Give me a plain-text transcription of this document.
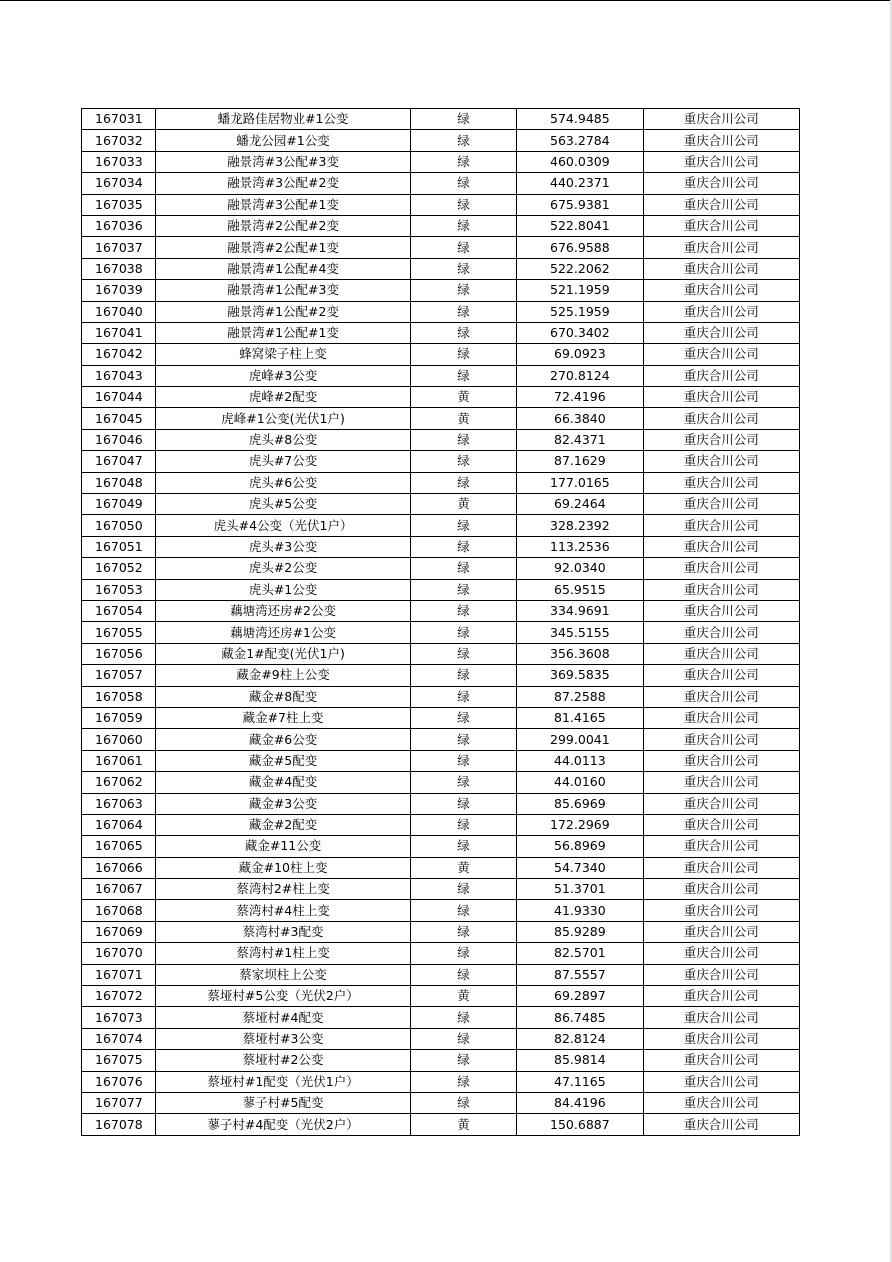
167031	蟠龙路佳居物业#1公变	绿	574.9485	重庆合川公司
167032	蟠龙公园#1公变	绿	563.2784	重庆合川公司
167033	融景湾#3公配#3变	绿	460.0309	重庆合川公司
167034	融景湾#3公配#2变	绿	440.2371	重庆合川公司
167035	融景湾#3公配#1变	绿	675.9381	重庆合川公司
167036	融景湾#2公配#2变	绿	522.8041	重庆合川公司
167037	融景湾#2公配#1变	绿	676.9588	重庆合川公司
167038	融景湾#1公配#4变	绿	522.2062	重庆合川公司
167039	融景湾#1公配#3变	绿	521.1959	重庆合川公司
167040	融景湾#1公配#2变	绿	525.1959	重庆合川公司
167041	融景湾#1公配#1变	绿	670.3402	重庆合川公司
167042	蜂窝梁子柱上变	绿	69.0923	重庆合川公司
167043	虎峰#3公变	绿	270.8124	重庆合川公司
167044	虎峰#2配变	黄	72.4196	重庆合川公司
167045	虎峰#1公变(光伏1户)	黄	66.3840	重庆合川公司
167046	虎头#8公变	绿	82.4371	重庆合川公司
167047	虎头#7公变	绿	87.1629	重庆合川公司
167048	虎头#6公变	绿	177.0165	重庆合川公司
167049	虎头#5公变	黄	69.2464	重庆合川公司
167050	虎头#4公变（光伏1户）	绿	328.2392	重庆合川公司
167051	虎头#3公变	绿	113.2536	重庆合川公司
167052	虎头#2公变	绿	92.0340	重庆合川公司
167053	虎头#1公变	绿	65.9515	重庆合川公司
167054	藕塘湾还房#2公变	绿	334.9691	重庆合川公司
167055	藕塘湾还房#1公变	绿	345.5155	重庆合川公司
167056	藏金1#配变(光伏1户)	绿	356.3608	重庆合川公司
167057	藏金#9柱上公变	绿	369.5835	重庆合川公司
167058	藏金#8配变	绿	87.2588	重庆合川公司
167059	藏金#7柱上变	绿	81.4165	重庆合川公司
167060	藏金#6公变	绿	299.0041	重庆合川公司
167061	藏金#5配变	绿	44.0113	重庆合川公司
167062	藏金#4配变	绿	44.0160	重庆合川公司
167063	藏金#3公变	绿	85.6969	重庆合川公司
167064	藏金#2配变	绿	172.2969	重庆合川公司
167065	藏金#11公变	绿	56.8969	重庆合川公司
167066	藏金#10柱上变	黄	54.7340	重庆合川公司
167067	蔡湾村2#柱上变	绿	51.3701	重庆合川公司
167068	蔡湾村#4柱上变	绿	41.9330	重庆合川公司
167069	蔡湾村#3配变	绿	85.9289	重庆合川公司
167070	蔡湾村#1柱上变	绿	82.5701	重庆合川公司
167071	蔡家坝柱上公变	绿	87.5557	重庆合川公司
167072	蔡垭村#5公变（光伏2户）	黄	69.2897	重庆合川公司
167073	蔡垭村#4配变	绿	86.7485	重庆合川公司
167074	蔡垭村#3公变	绿	82.8124	重庆合川公司
167075	蔡垭村#2公变	绿	85.9814	重庆合川公司
167076	蔡垭村#1配变（光伏1户）	绿	47.1165	重庆合川公司
167077	蓼子村#5配变	绿	84.4196	重庆合川公司
167078	蓼子村#4配变（光伏2户）	黄	150.6887	重庆合川公司
